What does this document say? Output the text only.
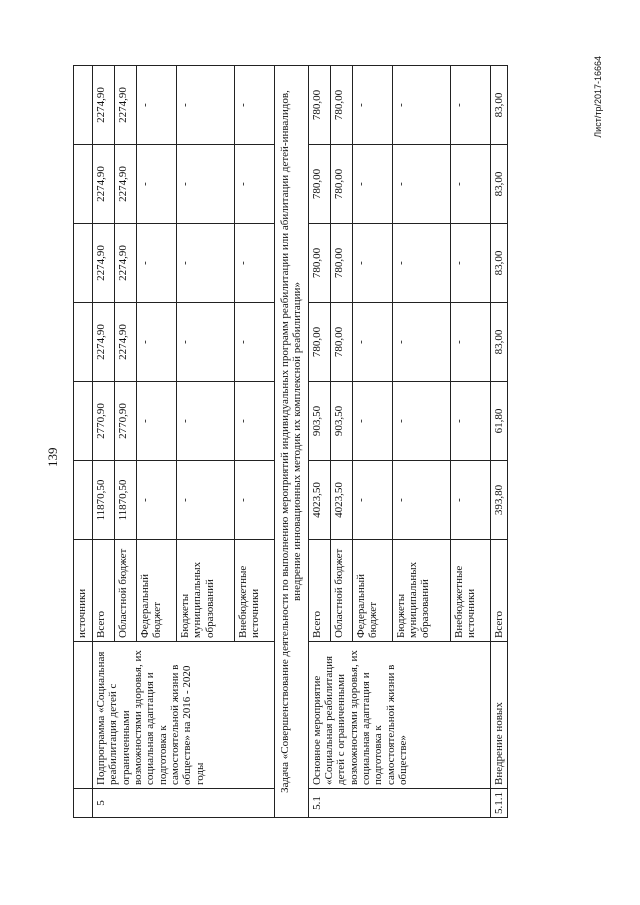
139
		источники						
5	Подпрограмма «Социальная реабилитация детей с ограниченными возможностями здоровья, их социальная адаптация и подготовка к самостоятельной жизни в обществе» на 2016 - 2020 годы	Всего	11870,50	2770,90	2274,90	2274,90	2274,90	2274,90
		Областной бюджет	11870,50	2770,90	2274,90	2274,90	2274,90	2274,90
		Федеральный бюджет	-	-	-	-	-	-
		Бюджеты муниципальных образований	-	-	-	-	-	-
		Внебюджетные источники	-	-	-	-	-	-
Задача «Совершенствование деятельности по выполнению мероприятий индивидуальных программ реабилитации или абилитации детей-инвалидов, внедрение инновационных методик их комплексной реабилитации»								
5.1	Основное мероприятие «Социальная реабилитация детей с ограниченными возможностями здоровья, их социальная адаптация и подготовка к самостоятельной жизни в обществе»	Всего	4023,50	903,50	780,00	780,00	780,00	780,00
		Областной бюджет	4023,50	903,50	780,00	780,00	780,00	780,00
		Федеральный бюджет	-	-	-	-	-	-
		Бюджеты муниципальных образований	-	-	-	-	-	-
		Внебюджетные источники	-	-	-	-	-	-
5.1.1	Внедрение новых	Всего	393,80	61,80	83,00	83,00	83,00	83,00	Лист/тр/2017-16664
